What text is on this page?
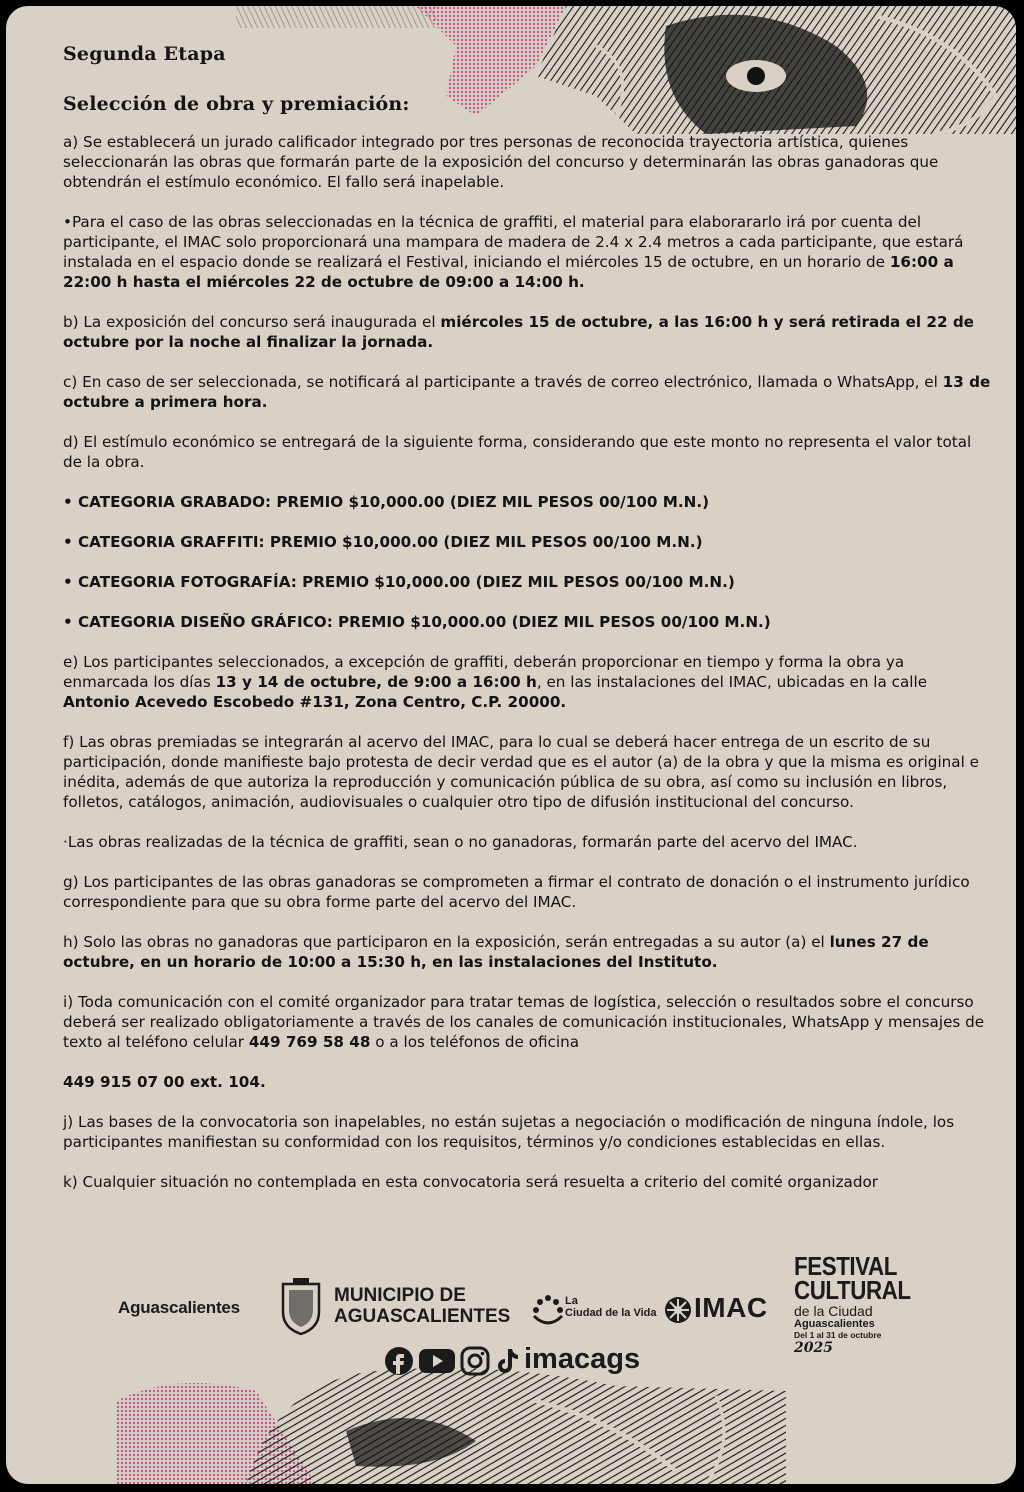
Segunda Etapa
Selección de obra y premiación:

a) Se establecerá un jurado calificador integrado por tres personas de reconocida trayectoria artística, quienes seleccionarán las obras que formarán parte de la exposición del concurso y determinarán las obras ganadoras que obtendrán el estímulo económico. El fallo será inapelable.

•Para el caso de las obras seleccionadas en la técnica de graffiti, el material para elaborararlo irá por cuenta del participante, el IMAC solo proporcionará una mampara de madera de 2.4 x 2.4 metros a cada participante, que estará instalada en el espacio donde se realizará el Festival, iniciando el miércoles 15 de octubre, en un horario de 16:00 a 22:00 h hasta el miércoles 22 de octubre de 09:00 a 14:00 h.

b) La exposición del concurso será inaugurada el miércoles 15 de octubre, a las 16:00 h y será retirada el 22 de octubre por la noche al finalizar la jornada.

c) En caso de ser seleccionada, se notificará al participante a través de correo electrónico, llamada o WhatsApp, el 13 de octubre a primera hora.

d) El estímulo económico se entregará de la siguiente forma, considerando que este monto no representa el valor total de la obra.

• CATEGORIA GRABADO: PREMIO $10,000.00 (DIEZ MIL PESOS 00/100 M.N.)
• CATEGORIA GRAFFITI: PREMIO $10,000.00 (DIEZ MIL PESOS 00/100 M.N.)
• CATEGORIA FOTOGRAFÍA: PREMIO $10,000.00 (DIEZ MIL PESOS 00/100 M.N.)
• CATEGORIA DISEÑO GRÁFICO: PREMIO $10,000.00 (DIEZ MIL PESOS 00/100 M.N.)

e) Los participantes seleccionados, a excepción de graffiti, deberán proporcionar en tiempo y forma la obra ya enmarcada los días 13 y 14 de octubre, de 9:00 a 16:00 h, en las instalaciones del IMAC, ubicadas en la calle Antonio Acevedo Escobedo #131, Zona Centro, C.P. 20000.

f) Las obras premiadas se integrarán al acervo del IMAC, para lo cual se deberá hacer entrega de un escrito de su participación, donde manifieste bajo protesta de decir verdad que es el autor (a) de la obra y que la misma es original e inédita, además de que autoriza la reproducción y comunicación pública de su obra, así como su inclusión en libros, folletos, catálogos, animación, audiovisuales o cualquier otro tipo de difusión institucional del concurso.

·Las obras realizadas de la técnica de graffiti, sean o no ganadoras, formarán parte del acervo del IMAC.

g) Los participantes de las obras ganadoras se comprometen a firmar el contrato de donación o el instrumento jurídico correspondiente para que su obra forme parte del acervo del IMAC.

h) Solo las obras no ganadoras que participaron en la exposición, serán entregadas a su autor (a) el lunes 27 de octubre, en un horario de 10:00 a 15:30 h, en las instalaciones del Instituto.

i) Toda comunicación con el comité organizador para tratar temas de logística, selección o resultados sobre el concurso deberá ser realizado obligatoriamente a través de los canales de comunicación institucionales, WhatsApp y mensajes de texto al teléfono celular 449 769 58 48 o a los teléfonos de oficina

449 915 07 00 ext. 104.

j) Las bases de la convocatoria son inapelables, no están sujetas a negociación o modificación de ninguna índole, los participantes manifiestan su conformidad con los requisitos, términos y/o condiciones establecidas en ellas.

k) Cualquier situación no contemplada en esta convocatoria será resuelta a criterio del comité organizador

Aguascalientes
MUNICIPIO DE
AGUASCALIENTES
La
Ciudad de la Vida IMAC
FESTIVAL
CULTURAL
de la Ciudad
Aguascalientes
Del 1 al 31 de octubre
2025
imacags
